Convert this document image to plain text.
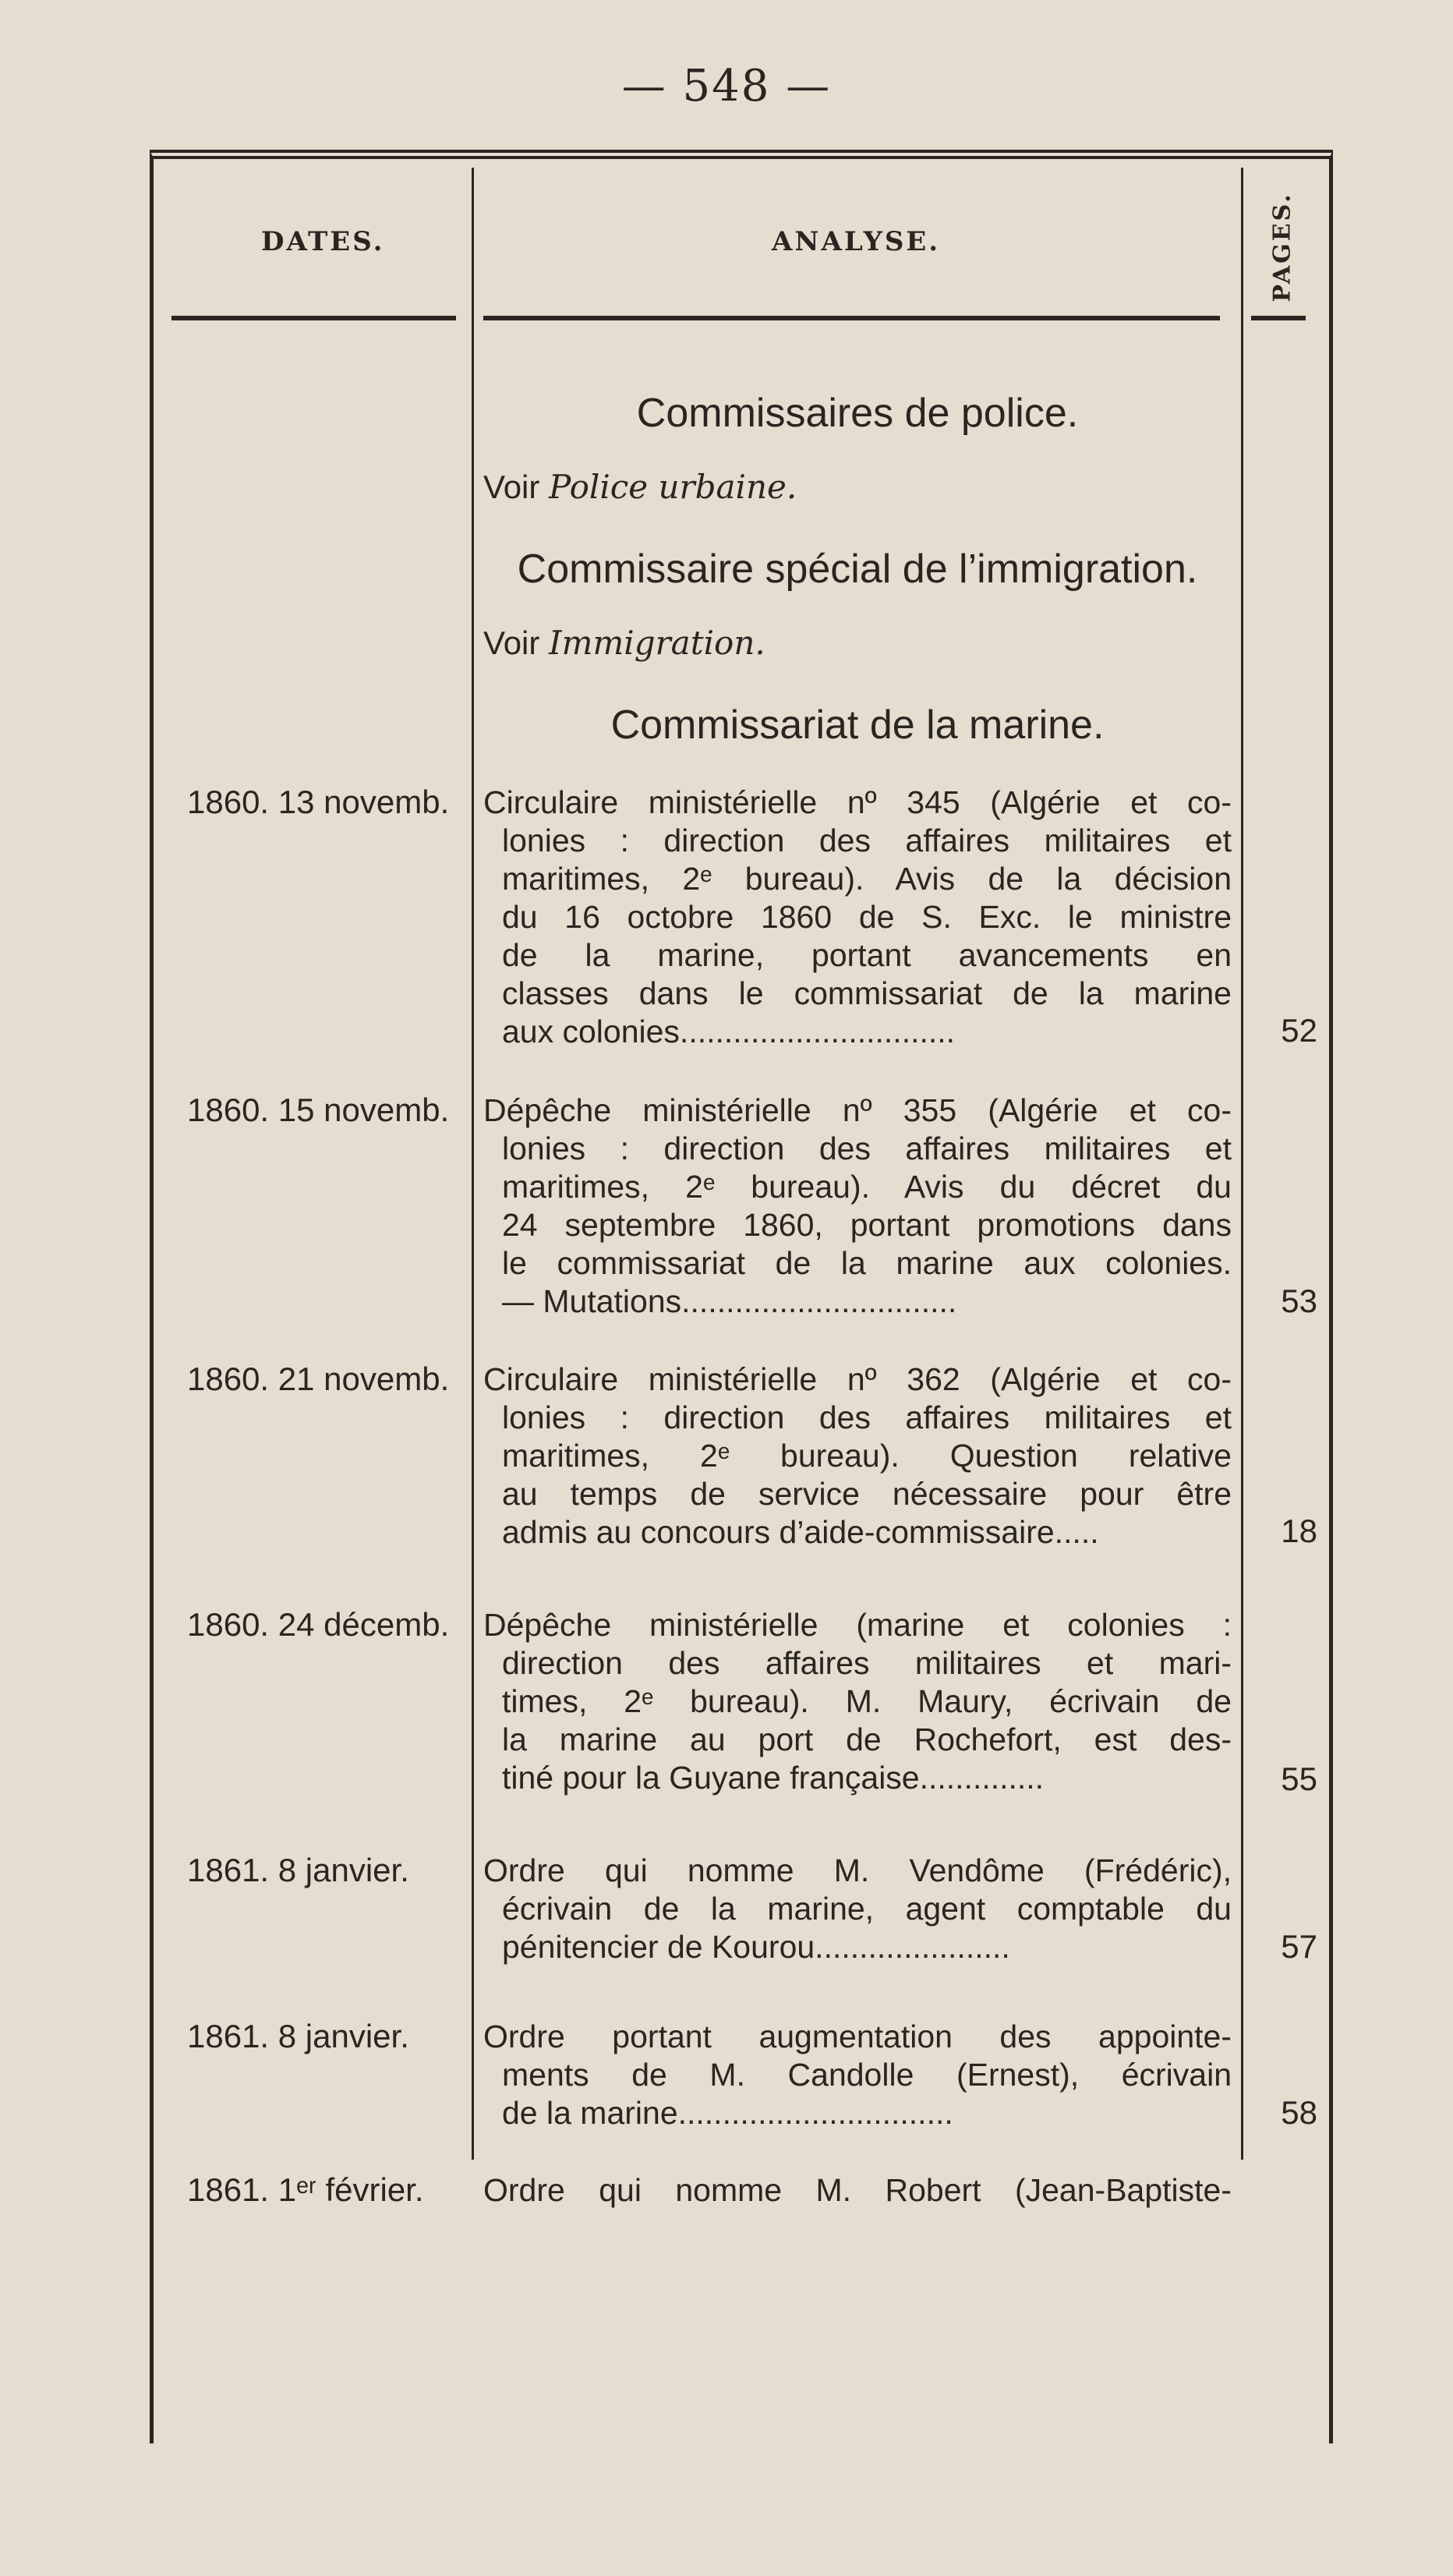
— 548 —
DATES.	ANALYSE.	PAGES.
Commissaires de police.
Voir Police urbaine.
Commissaire spécial de l’immigration.
Voir Immigration.
Commissariat de la marine.
1860. 13 novemb.	Circulaire ministérielle nº 345 (Algérie et co-
lonies : direction des affaires militaires et
maritimes, 2ᵉ bureau). Avis de la décision
du 16 octobre 1860 de S. Exc. le ministre
de la marine, portant avancements en
classes dans le commissariat de la marine
aux colonies...............................	52
1860. 15 novemb.	Dépêche ministérielle nº 355 (Algérie et co-
lonies : direction des affaires militaires et
maritimes, 2ᵉ bureau). Avis du décret du
24 septembre 1860, portant promotions dans
le commissariat de la marine aux colonies.
— Mutations...............................	53
1860. 21 novemb.	Circulaire ministérielle nº 362 (Algérie et co-
lonies : direction des affaires militaires et
maritimes, 2ᵉ bureau). Question relative
au temps de service nécessaire pour être
admis au concours d’aide-commissaire.....	18
1860. 24 décemb.	Dépêche ministérielle (marine et colonies :
direction des affaires militaires et mari-
times, 2ᵉ bureau). M. Maury, écrivain de
la marine au port de Rochefort, est des-
tiné pour la Guyane française..............	55
1861. 8 janvier.	Ordre qui nomme M. Vendôme (Frédéric),
écrivain de la marine, agent comptable du
pénitencier de Kourou......................	57
1861. 8 janvier.	Ordre portant augmentation des appointe-
ments de M. Candolle (Ernest), écrivain
de la marine...............................	58
1861. 1ᵉʳ février.	Ordre qui nomme M. Robert (Jean-Baptiste-
